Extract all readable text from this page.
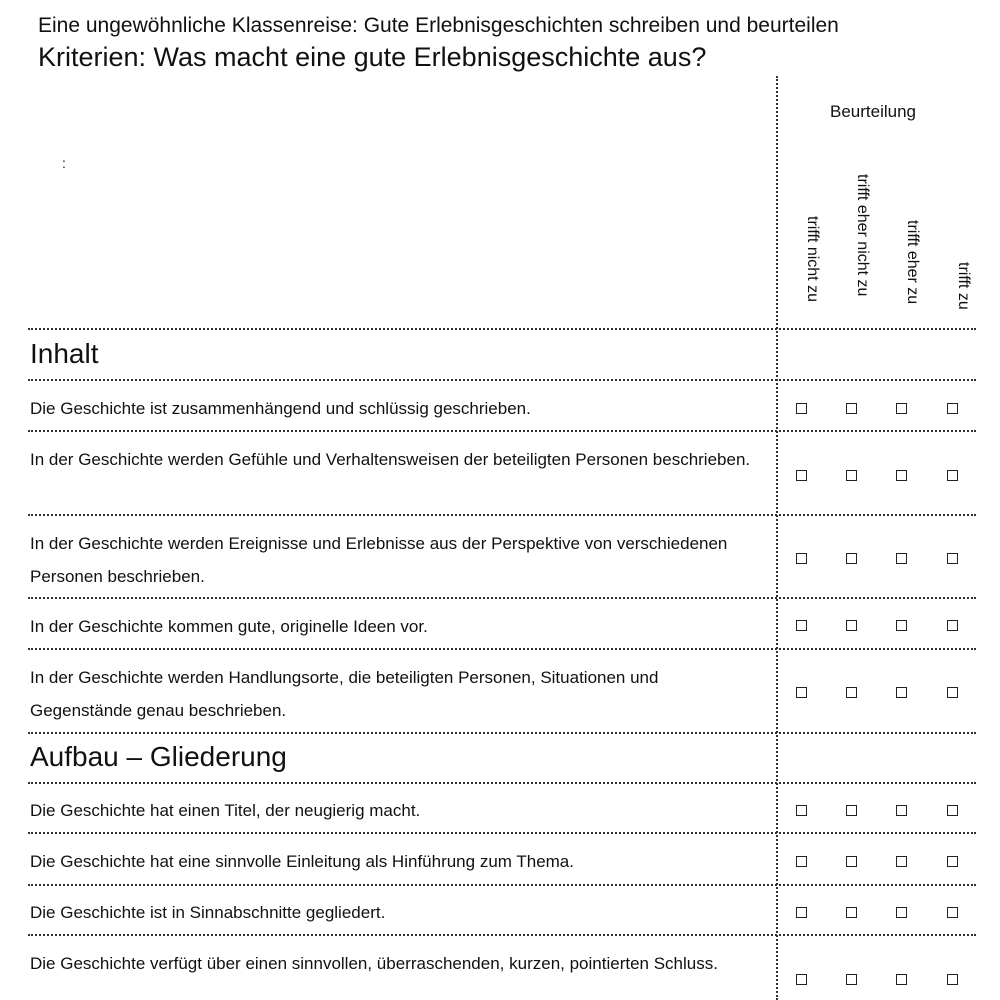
Eine ungewöhnliche Klassenreise: Gute Erlebnisgeschichten schreiben und beurteilen
Kriterien: Was macht eine gute Erlebnisgeschichte aus?
:
Beurteilung
trifft nicht zu trifft eher nicht zu trifft eher zu trifft zu
Inhalt
Die Geschichte ist zusammenhängend und schlüssig geschrieben.
In der Geschichte werden Gefühle und Verhaltensweisen der beteiligten Personen beschrieben.
In der Geschichte werden Ereignisse und Erlebnisse aus der Perspektive von verschiedenen Personen beschrieben.
In der Geschichte kommen gute, originelle Ideen vor.
In der Geschichte werden Handlungsorte, die beteiligten Personen, Situationen und Gegenstände genau beschrieben.
Aufbau – Gliederung
Die Geschichte hat einen Titel, der neugierig macht.
Die Geschichte hat eine sinnvolle Einleitung als Hinführung zum Thema.
Die Geschichte ist in Sinnabschnitte gegliedert.
Die Geschichte verfügt über einen sinnvollen, überraschenden, kurzen, pointierten Schluss.
